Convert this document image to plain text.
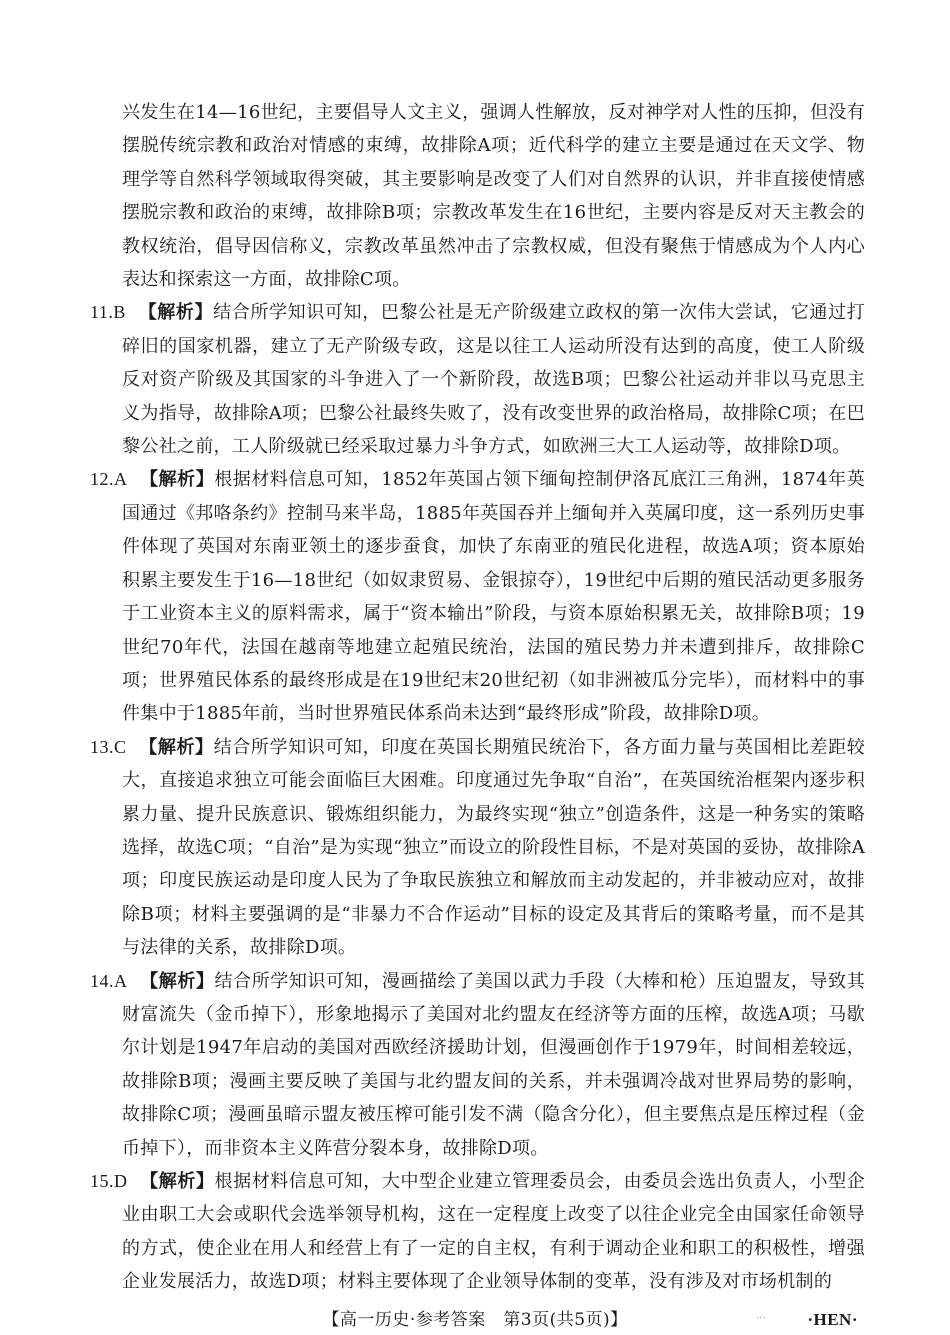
兴发生在14—16世纪，主要倡导人文主义，强调人性解放，反对神学对人性的压抑，但没有摆脱传统宗教和政治对情感的束缚，故排除A项；近代科学的建立主要是通过在天文学、物理学等自然科学领域取得突破，其主要影响是改变了人们对自然界的认识，并非直接使情感摆脱宗教和政治的束缚，故排除B项；宗教改革发生在16世纪，主要内容是反对天主教会的教权统治，倡导因信称义，宗教改革虽然冲击了宗教权威，但没有聚焦于情感成为个人内心表达和探索这一方面，故排除C项。

11.B 【解析】结合所学知识可知，巴黎公社是无产阶级建立政权的第一次伟大尝试，它通过打碎旧的国家机器，建立了无产阶级专政，这是以往工人运动所没有达到的高度，使工人阶级反对资产阶级及其国家的斗争进入了一个新阶段，故选B项；巴黎公社运动并非以马克思主义为指导，故排除A项；巴黎公社最终失败了，没有改变世界的政治格局，故排除C项；在巴黎公社之前，工人阶级就已经采取过暴力斗争方式，如欧洲三大工人运动等，故排除D项。

12.A 【解析】根据材料信息可知，1852年英国占领下缅甸控制伊洛瓦底江三角洲，1874年英国通过《邦咯条约》控制马来半岛，1885年英国吞并上缅甸并入英属印度，这一系列历史事件体现了英国对东南亚领土的逐步蚕食，加快了东南亚的殖民化进程，故选A项；资本原始积累主要发生于16—18世纪（如奴隶贸易、金银掠夺），19世纪中后期的殖民活动更多服务于工业资本主义的原料需求，属于“资本输出”阶段，与资本原始积累无关，故排除B项；19世纪70年代，法国在越南等地建立起殖民统治，法国的殖民势力并未遭到排斥，故排除C项；世界殖民体系的最终形成是在19世纪末20世纪初（如非洲被瓜分完毕），而材料中的事件集中于1885年前，当时世界殖民体系尚未达到“最终形成”阶段，故排除D项。

13.C 【解析】结合所学知识可知，印度在英国长期殖民统治下，各方面力量与英国相比差距较大，直接追求独立可能会面临巨大困难。印度通过先争取“自治”，在英国统治框架内逐步积累力量、提升民族意识、锻炼组织能力，为最终实现“独立”创造条件，这是一种务实的策略选择，故选C项；“自治”是为实现“独立”而设立的阶段性目标，不是对英国的妥协，故排除A项；印度民族运动是印度人民为了争取民族独立和解放而主动发起的，并非被动应对，故排除B项；材料主要强调的是“非暴力不合作运动”目标的设定及其背后的策略考量，而不是其与法律的关系，故排除D项。

14.A 【解析】结合所学知识可知，漫画描绘了美国以武力手段（大棒和枪）压迫盟友，导致其财富流失（金币掉下），形象地揭示了美国对北约盟友在经济等方面的压榨，故选A项；马歇尔计划是1947年启动的美国对西欧经济援助计划，但漫画创作于1979年，时间相差较远，故排除B项；漫画主要反映了美国与北约盟友间的关系，并未强调冷战对世界局势的影响，故排除C项；漫画虽暗示盟友被压榨可能引发不满（隐含分化），但主要焦点是压榨过程（金币掉下），而非资本主义阵营分裂本身，故排除D项。

15.D 【解析】根据材料信息可知，大中型企业建立管理委员会，由委员会选出负责人，小型企业由职工大会或职代会选举领导机构，这在一定程度上改变了以往企业完全由国家任命领导的方式，使企业在用人和经营上有了一定的自主权，有利于调动企业和职工的积极性，增强企业发展活力，故选D项；材料主要体现了企业领导体制的变革，没有涉及对市场机制的

【高一历史·参考答案　第3页(共5页)】	... ·HEN·
